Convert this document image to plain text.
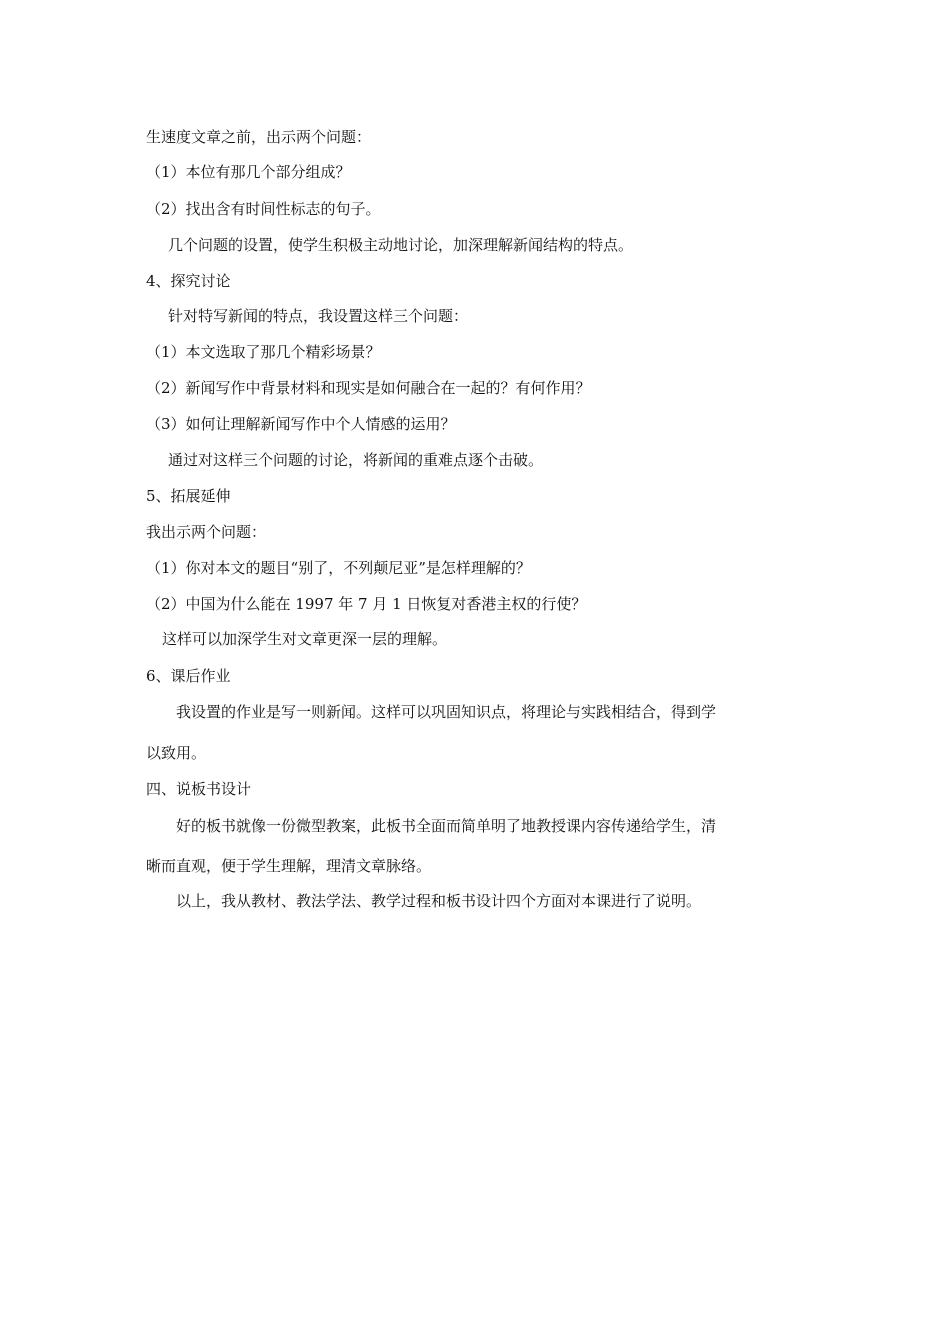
生速度文章之前，出示两个问题：
（1）本位有那几个部分组成？
（2）找出含有时间性标志的句子。
几个问题的设置，使学生积极主动地讨论，加深理解新闻结构的特点。
4、探究讨论
针对特写新闻的特点，我设置这样三个问题：
（1）本文选取了那几个精彩场景？
（2）新闻写作中背景材料和现实是如何融合在一起的？有何作用？
（3）如何让理解新闻写作中个人情感的运用？
通过对这样三个问题的讨论，将新闻的重难点逐个击破。
5、拓展延伸
我出示两个问题：
（1）你对本文的题目“别了，不列颠尼亚”是怎样理解的？
（2）中国为什么能在 1997 年 7 月 1 日恢复对香港主权的行使？
这样可以加深学生对文章更深一层的理解。
6、课后作业
我设置的作业是写一则新闻。这样可以巩固知识点，将理论与实践相结合，得到学
以致用。
四、说板书设计
好的板书就像一份微型教案，此板书全面而简单明了地教授课内容传递给学生，清
晰而直观，便于学生理解，理清文章脉络。
以上，我从教材、教法学法、教学过程和板书设计四个方面对本课进行了说明。
